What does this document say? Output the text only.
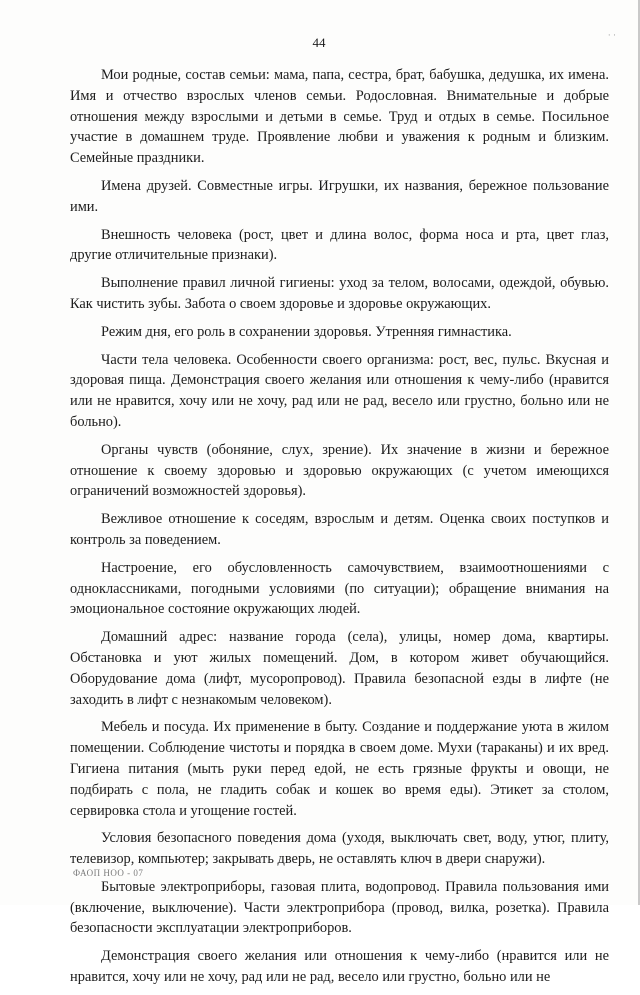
44	· ·

Мои родные, состав семьи: мама, папа, сестра, брат, бабушка, дедушка, их имена. Имя и отчество взрослых членов семьи. Родословная. Внимательные и добрые отношения между взрослыми и детьми в семье. Труд и отдых в семье. Посильное участие в домашнем труде. Проявление любви и уважения к родным и близким. Семейные праздники.

Имена друзей. Совместные игры. Игрушки, их названия, бережное пользование ими.

Внешность человека (рост, цвет и длина волос, форма носа и рта, цвет глаз, другие отличительные признаки).

Выполнение правил личной гигиены: уход за телом, волосами, одеждой, обувью. Как чистить зубы. Забота о своем здоровье и здоровье окружающих.

Режим дня, его роль в сохранении здоровья. Утренняя гимнастика.

Части тела человека. Особенности своего организма: рост, вес, пульс. Вкусная и здоровая пища. Демонстрация своего желания или отношения к чему-либо (нравится или не нравится, хочу или не хочу, рад или не рад, весело или грустно, больно или не больно).

Органы чувств (обоняние, слух, зрение). Их значение в жизни и бережное отношение к своему здоровью и здоровью окружающих (с учетом имеющихся ограничений возможностей здоровья).

Вежливое отношение к соседям, взрослым и детям. Оценка своих поступков и контроль за поведением.

Настроение, его обусловленность самочувствием, взаимоотношениями с одноклассниками, погодными условиями (по ситуации); обращение внимания на эмоциональное состояние окружающих людей.

Домашний адрес: название города (села), улицы, номер дома, квартиры. Обстановка и уют жилых помещений. Дом, в котором живет обучающийся. Оборудование дома (лифт, мусоропровод). Правила безопасной езды в лифте (не заходить в лифт с незнакомым человеком).

Мебель и посуда. Их применение в быту. Создание и поддержание уюта в жилом помещении. Соблюдение чистоты и порядка в своем доме. Мухи (тараканы) и их вред. Гигиена питания (мыть руки перед едой, не есть грязные фрукты и овощи, не подбирать с пола, не гладить собак и кошек во время еды). Этикет за столом, сервировка стола и угощение гостей.

Условия безопасного поведения дома (уходя, выключать свет, воду, утюг, плиту, телевизор, компьютер; закрывать дверь, не оставлять ключ в двери снаружи).

Бытовые электроприборы, газовая плита, водопровод. Правила пользования ими (включение, выключение). Части электроприбора (провод, вилка, розетка). Правила безопасности эксплуатации электроприборов.

Демонстрация своего желания или отношения к чему-либо (нравится или не нравится, хочу или не хочу, рад или не рад, весело или грустно, больно или не

ФАОП НОО - 07
